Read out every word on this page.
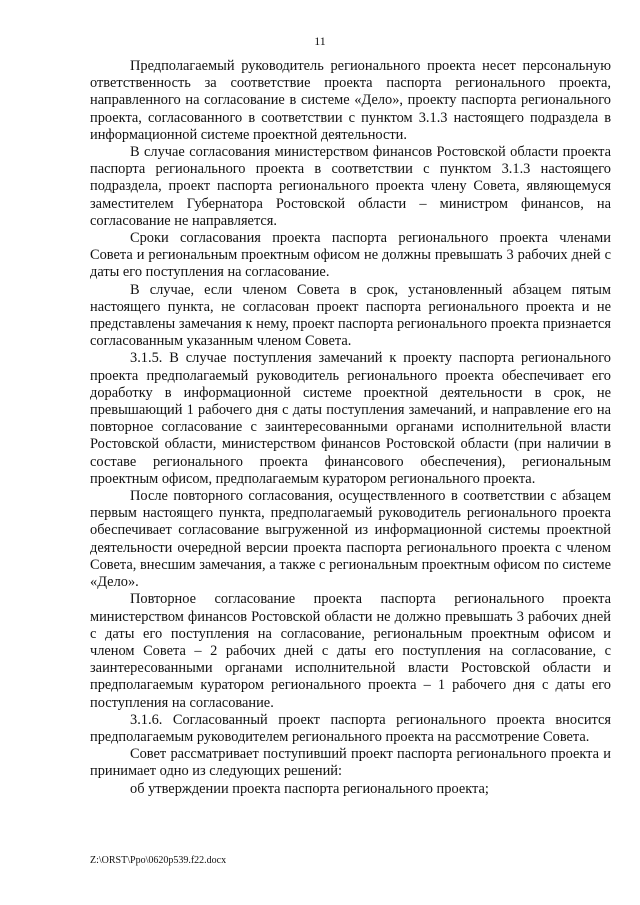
11

Предполагаемый руководитель регионального проекта несет персональную ответственность за соответствие проекта паспорта регионального проекта, направленного на согласование в системе «Дело», проекту паспорта регионального проекта, согласованного в соответствии с пунктом 3.1.3 настоящего подраздела в информационной системе проектной деятельности.

В случае согласования министерством финансов Ростовской области проекта паспорта регионального проекта в соответствии с пунктом 3.1.3 настоящего подраздела, проект паспорта регионального проекта члену Совета, являющемуся заместителем Губернатора Ростовской области – министром финансов, на согласование не направляется.

Сроки согласования проекта паспорта регионального проекта членами Совета и региональным проектным офисом не должны превышать 3 рабочих дней с даты его поступления на согласование.

В случае, если членом Совета в срок, установленный абзацем пятым настоящего пункта, не согласован проект паспорта регионального проекта и не представлены замечания к нему, проект паспорта регионального проекта признается согласованным указанным членом Совета.

3.1.5. В случае поступления замечаний к проекту паспорта регионального проекта предполагаемый руководитель регионального проекта обеспечивает его доработку в информационной системе проектной деятельности в срок, не превышающий 1 рабочего дня с даты поступления замечаний, и направление его на повторное согласование с заинтересованными органами исполнительной власти Ростовской области, министерством финансов Ростовской области (при наличии в составе регионального проекта финансового обеспечения), региональным проектным офисом, предполагаемым куратором регионального проекта.

После повторного согласования, осуществленного в соответствии с абзацем первым настоящего пункта, предполагаемый руководитель регионального проекта обеспечивает согласование выгруженной из информационной системы проектной деятельности очередной версии проекта паспорта регионального проекта с членом Совета, внесшим замечания, а также с региональным проектным офисом по системе «Дело».

Повторное согласование проекта паспорта регионального проекта министерством финансов Ростовской области не должно превышать 3 рабочих дней с даты его поступления на согласование, региональным проектным офисом и членом Совета – 2 рабочих дней с даты его поступления на согласование, с заинтересованными органами исполнительной власти Ростовской области и предполагаемым куратором регионального проекта – 1 рабочего дня с даты его поступления на согласование.

3.1.6. Согласованный проект паспорта регионального проекта вносится предполагаемым руководителем регионального проекта на рассмотрение Совета.

Совет рассматривает поступивший проект паспорта регионального проекта и принимает одно из следующих решений:

об утверждении проекта паспорта регионального проекта;

Z:\ORST\Ppo\0620p539.f22.docx
